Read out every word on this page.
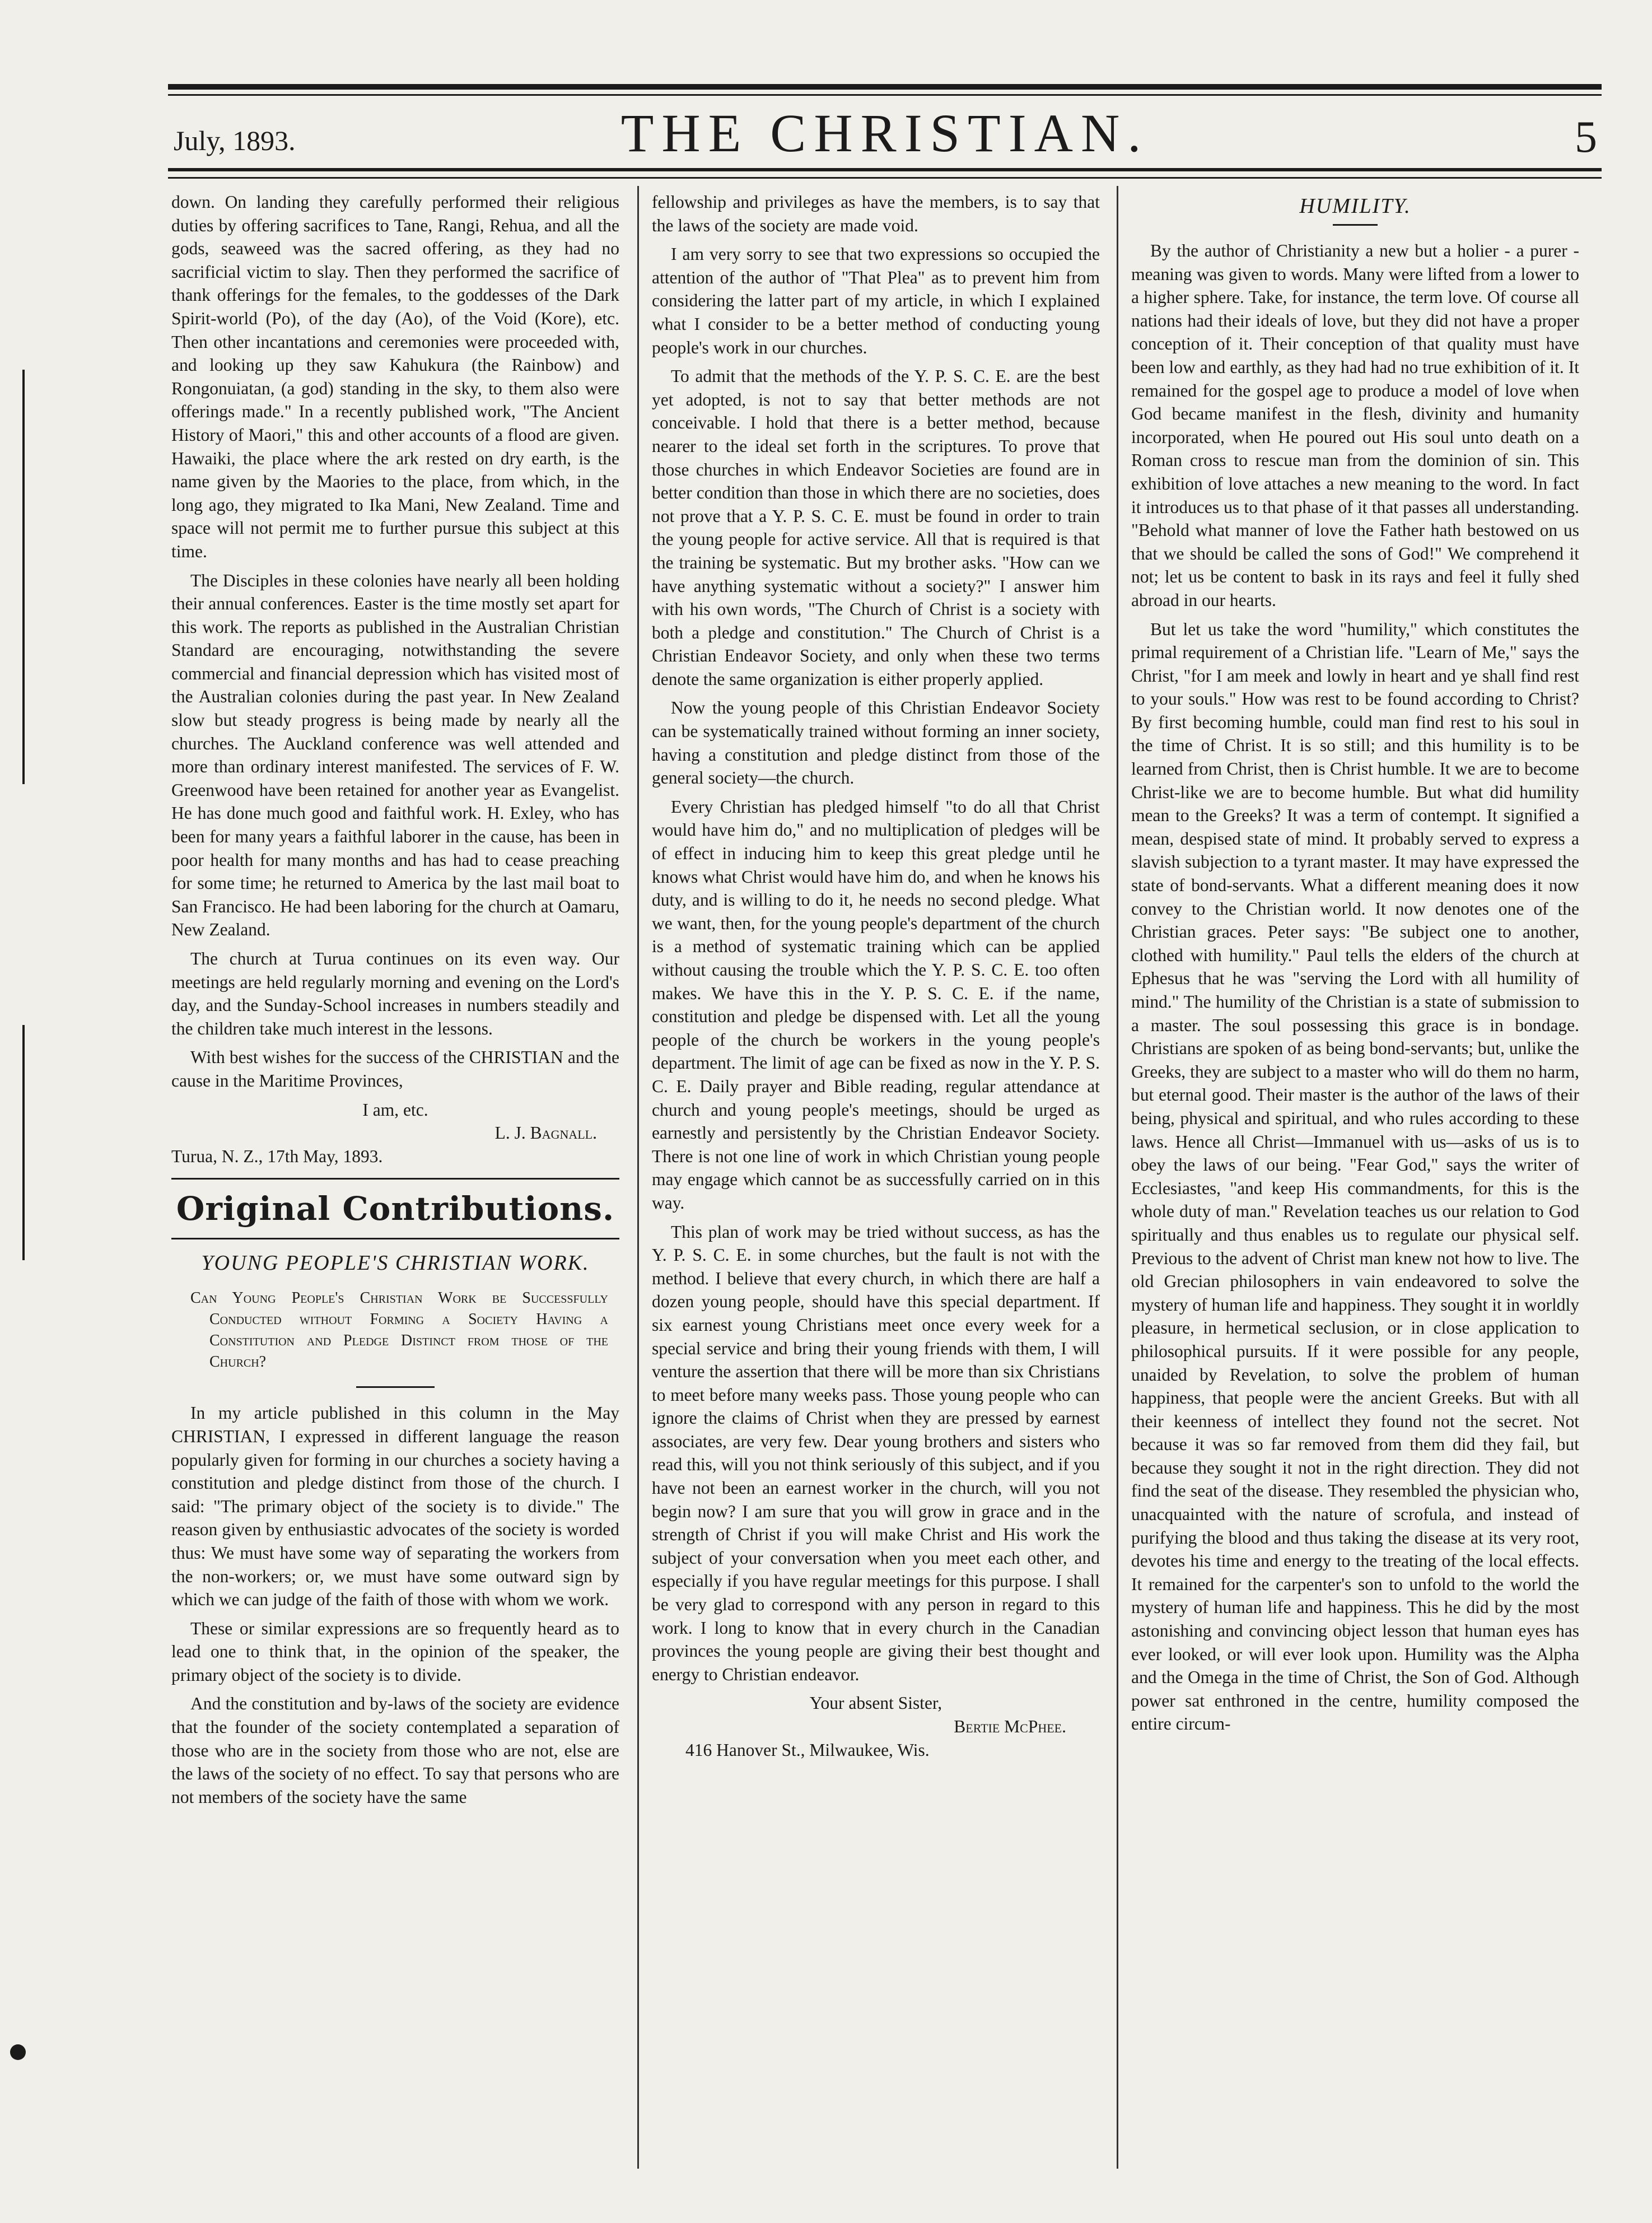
July, 1893.	THE CHRISTIAN.	5

down. On landing they carefully performed their religious duties by offering sacrifices to Tane, Rangi, Rehua, and all the gods, seaweed was the sacred offering, as they had no sacrificial victim to slay. Then they performed the sacrifice of thank offerings for the females, to the goddesses of the Dark Spirit-world (Po), of the day (Ao), of the Void (Kore), etc. Then other incantations and ceremonies were proceeded with, and looking up they saw Kahukura (the Rainbow) and Rongonuiatan, (a god) standing in the sky, to them also were offerings made." In a recently published work, "The Ancient History of Maori," this and other accounts of a flood are given. Hawaiki, the place where the ark rested on dry earth, is the name given by the Maories to the place, from which, in the long ago, they migrated to Ika Mani, New Zealand. Time and space will not permit me to further pursue this subject at this time.

The Disciples in these colonies have nearly all been holding their annual conferences. Easter is the time mostly set apart for this work. The reports as published in the Australian Christian Standard are encouraging, notwithstanding the severe commercial and financial depression which has visited most of the Australian colonies during the past year. In New Zealand slow but steady progress is being made by nearly all the churches. The Auckland conference was well attended and more than ordinary interest manifested. The services of F. W. Greenwood have been retained for another year as Evangelist. He has done much good and faithful work. H. Exley, who has been for many years a faithful laborer in the cause, has been in poor health for many months and has had to cease preaching for some time; he returned to America by the last mail boat to San Francisco. He had been laboring for the church at Oamaru, New Zealand.

The church at Turua continues on its even way. Our meetings are held regularly morning and evening on the Lord's day, and the Sunday-School increases in numbers steadily and the children take much interest in the lessons.

With best wishes for the success of the CHRISTIAN and the cause in the Maritime Provinces,

I am, etc.
L. J. Bagnall.

Turua, N. Z., 17th May, 1893.

Original Contributions.
YOUNG PEOPLE'S CHRISTIAN WORK.
Can Young People's Christian Work be Successfully Conducted without Forming a Society Having a Constitution and Pledge Distinct from those of the Church?

In my article published in this column in the May CHRISTIAN, I expressed in different language the reason popularly given for forming in our churches a society having a constitution and pledge distinct from those of the church. I said: "The primary object of the society is to divide." The reason given by enthusiastic advocates of the society is worded thus: We must have some way of separating the workers from the non-workers; or, we must have some outward sign by which we can judge of the faith of those with whom we work.

These or similar expressions are so frequently heard as to lead one to think that, in the opinion of the speaker, the primary object of the society is to divide.

And the constitution and by-laws of the society are evidence that the founder of the society contemplated a separation of those who are in the society from those who are not, else are the laws of the society of no effect. To say that persons who are not members of the society have the same

fellowship and privileges as have the members, is to say that the laws of the society are made void.

I am very sorry to see that two expressions so occupied the attention of the author of "That Plea" as to prevent him from considering the latter part of my article, in which I explained what I consider to be a better method of conducting young people's work in our churches.

To admit that the methods of the Y. P. S. C. E. are the best yet adopted, is not to say that better methods are not conceivable. I hold that there is a better method, because nearer to the ideal set forth in the scriptures. To prove that those churches in which Endeavor Societies are found are in better condition than those in which there are no societies, does not prove that a Y. P. S. C. E. must be found in order to train the young people for active service. All that is required is that the training be systematic. But my brother asks. "How can we have anything systematic without a society?" I answer him with his own words, "The Church of Christ is a society with both a pledge and constitution." The Church of Christ is a Christian Endeavor Society, and only when these two terms denote the same organization is either properly applied.

Now the young people of this Christian Endeavor Society can be systematically trained without forming an inner society, having a constitution and pledge distinct from those of the general society—the church.

Every Christian has pledged himself "to do all that Christ would have him do," and no multiplication of pledges will be of effect in inducing him to keep this great pledge until he knows what Christ would have him do, and when he knows his duty, and is willing to do it, he needs no second pledge. What we want, then, for the young people's department of the church is a method of systematic training which can be applied without causing the trouble which the Y. P. S. C. E. too often makes. We have this in the Y. P. S. C. E. if the name, constitution and pledge be dispensed with. Let all the young people of the church be workers in the young people's department. The limit of age can be fixed as now in the Y. P. S. C. E. Daily prayer and Bible reading, regular attendance at church and young people's meetings, should be urged as earnestly and persistently by the Christian Endeavor Society. There is not one line of work in which Christian young people may engage which cannot be as successfully carried on in this way.

This plan of work may be tried without success, as has the Y. P. S. C. E. in some churches, but the fault is not with the method. I believe that every church, in which there are half a dozen young people, should have this special department. If six earnest young Christians meet once every week for a special service and bring their young friends with them, I will venture the assertion that there will be more than six Christians to meet before many weeks pass. Those young people who can ignore the claims of Christ when they are pressed by earnest associates, are very few. Dear young brothers and sisters who read this, will you not think seriously of this subject, and if you have not been an earnest worker in the church, will you not begin now? I am sure that you will grow in grace and in the strength of Christ if you will make Christ and His work the subject of your conversation when you meet each other, and especially if you have regular meetings for this purpose. I shall be very glad to correspond with any person in regard to this work. I long to know that in every church in the Canadian provinces the young people are giving their best thought and energy to Christian endeavor.

Your absent Sister,
Bertie McPhee.

416 Hanover St., Milwaukee, Wis.

HUMILITY.

By the author of Christianity a new but a holier - a purer - meaning was given to words. Many were lifted from a lower to a higher sphere. Take, for instance, the term love. Of course all nations had their ideals of love, but they did not have a proper conception of it. Their conception of that quality must have been low and earthly, as they had had no true exhibition of it. It remained for the gospel age to produce a model of love when God became manifest in the flesh, divinity and humanity incorporated, when He poured out His soul unto death on a Roman cross to rescue man from the dominion of sin. This exhibition of love attaches a new meaning to the word. In fact it introduces us to that phase of it that passes all understanding. "Behold what manner of love the Father hath bestowed on us that we should be called the sons of God!" We comprehend it not; let us be content to bask in its rays and feel it fully shed abroad in our hearts.

But let us take the word "humility," which constitutes the primal requirement of a Christian life. "Learn of Me," says the Christ, "for I am meek and lowly in heart and ye shall find rest to your souls." How was rest to be found according to Christ? By first becoming humble, could man find rest to his soul in the time of Christ. It is so still; and this humility is to be learned from Christ, then is Christ humble. It we are to become Christ-like we are to become humble. But what did humility mean to the Greeks? It was a term of contempt. It signified a mean, despised state of mind. It probably served to express a slavish subjection to a tyrant master. It may have expressed the state of bond-servants. What a different meaning does it now convey to the Christian world. It now denotes one of the Christian graces. Peter says: "Be subject one to another, clothed with humility." Paul tells the elders of the church at Ephesus that he was "serving the Lord with all humility of mind." The humility of the Christian is a state of submission to a master. The soul possessing this grace is in bondage. Christians are spoken of as being bond-servants; but, unlike the Greeks, they are subject to a master who will do them no harm, but eternal good. Their master is the author of the laws of their being, physical and spiritual, and who rules according to these laws. Hence all Christ—Immanuel with us—asks of us is to obey the laws of our being. "Fear God," says the writer of Ecclesiastes, "and keep His commandments, for this is the whole duty of man." Revelation teaches us our relation to God spiritually and thus enables us to regulate our physical self. Previous to the advent of Christ man knew not how to live. The old Grecian philosophers in vain endeavored to solve the mystery of human life and happiness. They sought it in worldly pleasure, in hermetical seclusion, or in close application to philosophical pursuits. If it were possible for any people, unaided by Revelation, to solve the problem of human happiness, that people were the ancient Greeks. But with all their keenness of intellect they found not the secret. Not because it was so far removed from them did they fail, but because they sought it not in the right direction. They did not find the seat of the disease. They resembled the physician who, unacquainted with the nature of scrofula, and instead of purifying the blood and thus taking the disease at its very root, devotes his time and energy to the treating of the local effects. It remained for the carpenter's son to unfold to the world the mystery of human life and happiness. This he did by the most astonishing and convincing object lesson that human eyes has ever looked, or will ever look upon. Humility was the Alpha and the Omega in the time of Christ, the Son of God. Although power sat enthroned in the centre, humility composed the entire circum-
